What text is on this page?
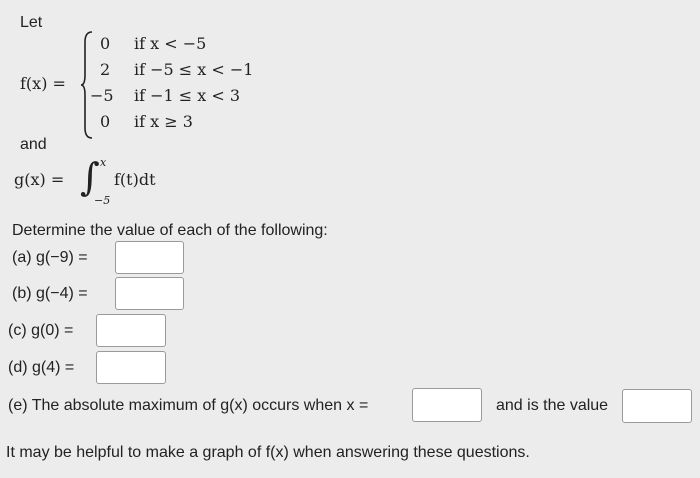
Let
f(x) =
0 if x < −5
2 if −5 ≤ x < −1
−5 if −1 ≤ x < 3
0 if x ≥ 3
and
g(x) = ∫ x
−5
f(t)dt
Determine the value of each of the following:
(a) g(−9) =
(b) g(−4) =
(c) g(0) =
(d) g(4) =
(e) The absolute maximum of g(x) occurs when x =	and is the value
It may be helpful to make a graph of f(x) when answering these questions.
